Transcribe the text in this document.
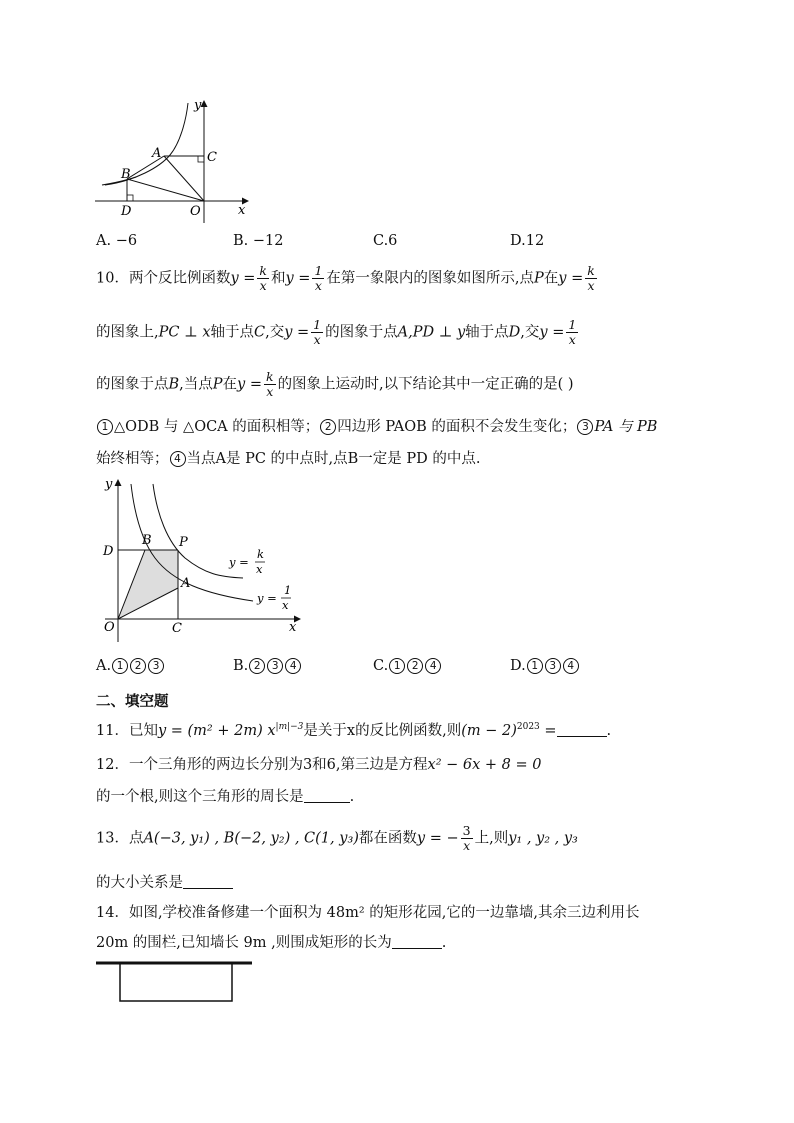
y
x
A
B
C
D	O
A. −6	B. −12	C.6	D.12
10．两个反比例函数$y = \frac{k}{x}$ 和$y = \frac{1}{x}$ 在第一象限内的图象如图所示,点P在$y = \frac{k}{x}$
的图象上,PC ⊥ x轴于点C,交$y = \frac{1}{x}$ 的图象于点A,PD ⊥ y轴于点D,交$y = \frac{1}{x}$
的图象于点B,当点P在$y = \frac{k}{x}$ 的图象上运动时,以下结论其中一定正确的是( )
1 △ODB 与 △OCA 的面积相等； 2 四边形 PAOB 的面积不会发生变化； 3 PA 与 PB
始终相等； 4 当点A是 PC 的中点时,点B一定是 PD 的中点.
y
x
O	C
D
B P
A
y =
k
x
y =
1
x
A. 1 2 3	B. 2 3 4	C. 1 2 4	D. 1 3 4
二、填空题
11．已知y = (m² + 2m) $x^{|m|-3}$是关于x的反比例函数,则$(m - 2)^{2023}$ =	.
12．一个三角形的两边长分别为3和6,第三边是方程x² − 6x + 8 = 0
的一个根,则这个三角形的周长是	.
13．点A(−3, y₁) , B(−2, y₂) , C(1, y₃)都在函数y = − $\frac{3}{x}$ 上,则y₁ , y₂ , y₃
的大小关系是
14．如图,学校准备修建一个面积为 48m² 的矩形花园,它的一边靠墙,其余三边利用长
20m 的围栏,已知墙长 9m ,则围成矩形的长为	.
